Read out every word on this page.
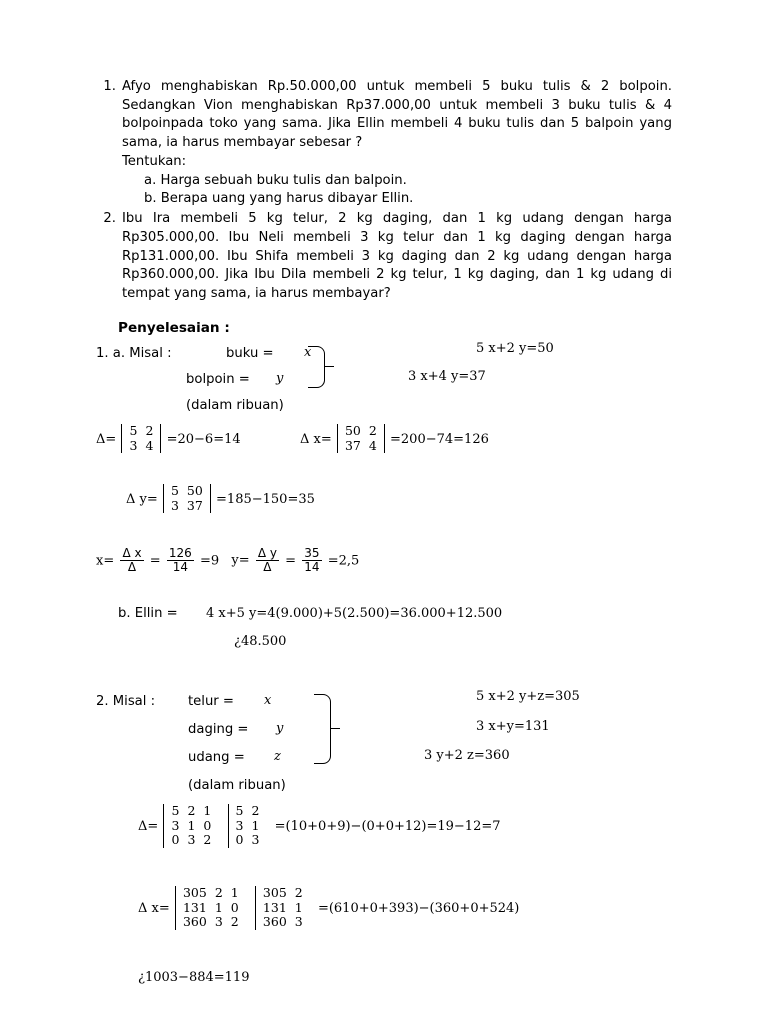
1. Afyo menghabiskan Rp.50.000,00 untuk membeli 5 buku tulis & 2 bolpoin. Sedangkan Vion menghabiskan Rp37.000,00 untuk membeli 3 buku tulis & 4 bolpoinpada toko yang sama. Jika Ellin membeli 4 buku tulis dan 5 balpoin yang sama, ia harus membayar sebesar ?
Tentukan:
a. Harga sebuah buku tulis dan balpoin.
b. Berapa uang yang harus dibayar Ellin.
2. Ibu Ira membeli 5 kg telur, 2 kg daging, dan 1 kg udang dengan harga Rp305.000,00. Ibu Neli membeli 3 kg telur dan 1 kg daging dengan harga Rp131.000,00. Ibu Shifa membeli 3 kg daging dan 2 kg udang dengan harga Rp360.000,00. Jika Ibu Dila membeli 2 kg telur, 1 kg daging, dan 1 kg udang di tempat yang sama, ia harus membayar?
Penyelesaian :
1. a. Misal :	buku = x
bolpoin = y
(dalam ribuan)
5 x+2 y=50
3 x+4 y=37
Δ=
5	2
3	4 =20−6=14	Δ x=
50	2
37	4 =200−74=126
Δ y=
5	50
3	37 =185−150=35
$x= \frac{\text{Δ x}}{\Delta} = \frac{126}{14} =9$ $y= \frac{\text{Δ y}}{\Delta} = \frac{35}{14} =2,5$
b. Ellin = 4 x+5 y=4(9.000)+5(2.500)=36.000+12.500
¿48.500
2. Misal : telur = x
daging = y
udang = z
(dalam ribuan)
5 x+2 y+z=305
3 x+y=131
3 y+2 z=360
Δ=
5	2	1
3	1	0
0	3	2

5	2
3	1
0	3
=(10+0+9)−(0+0+12)=19−12=7
Δ x=
305	2	1
131	1	0
360	3	2

305	2
131	1
360	3
=(610+0+393)−(360+0+524)
¿1003−884=119
